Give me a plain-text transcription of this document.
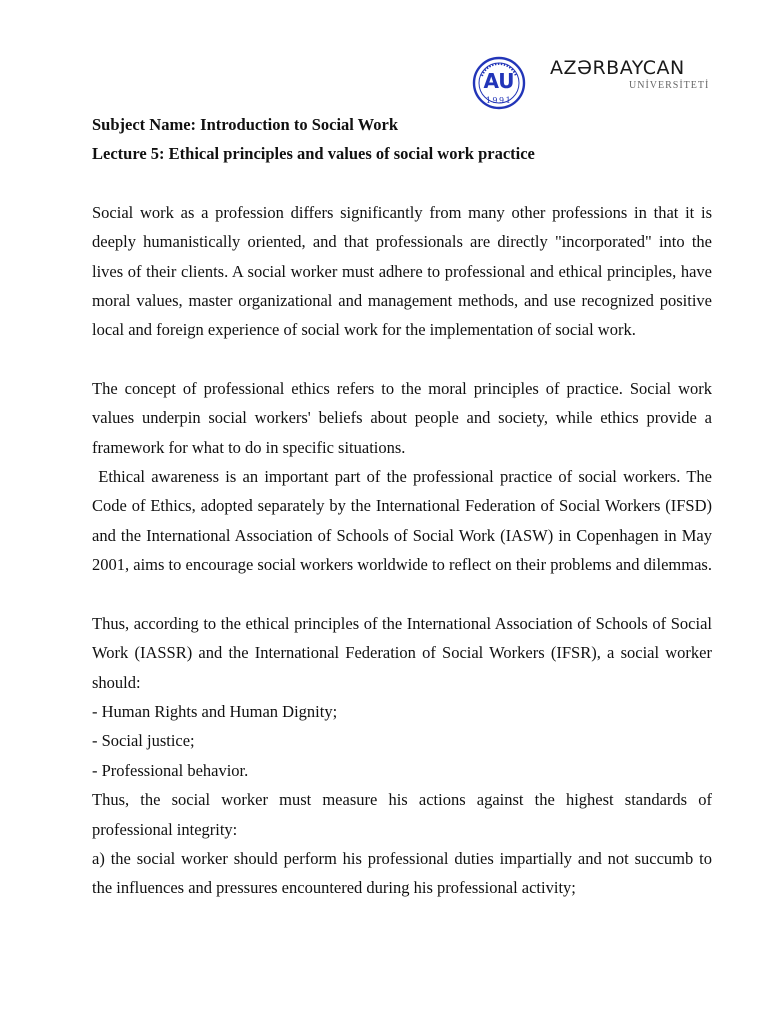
AU
1991
AZƏRBAYCAN
UNİVERSİTETİ

Subject Name: Introduction to Social Work

Lecture 5: Ethical principles and values of social work practice

Social work as a profession differs significantly from many other professions in that it is deeply humanistically oriented, and that professionals are directly "incorporated" into the lives of their clients. A social worker must adhere to professional and ethical principles, have moral values, master organizational and management methods, and use recognized positive local and foreign experience of social work for the implementation of social work.

The concept of professional ethics refers to the moral principles of practice. Social work values underpin social workers' beliefs about people and society, while ethics provide a framework for what to do in specific situations.

Ethical awareness is an important part of the professional practice of social workers. The Code of Ethics, adopted separately by the International Federation of Social Workers (IFSD) and the International Association of Schools of Social Work (IASW) in Copenhagen in May 2001, aims to encourage social workers worldwide to reflect on their problems and dilemmas.

Thus, according to the ethical principles of the International Association of Schools of Social Work (IASSR) and the International Federation of Social Workers (IFSR), a social worker should:

- Human Rights and Human Dignity;

- Social justice;

- Professional behavior.

Thus, the social worker must measure his actions against the highest standards of professional integrity:

a) the social worker should perform his professional duties impartially and not succumb to the influences and pressures encountered during his professional activity;
